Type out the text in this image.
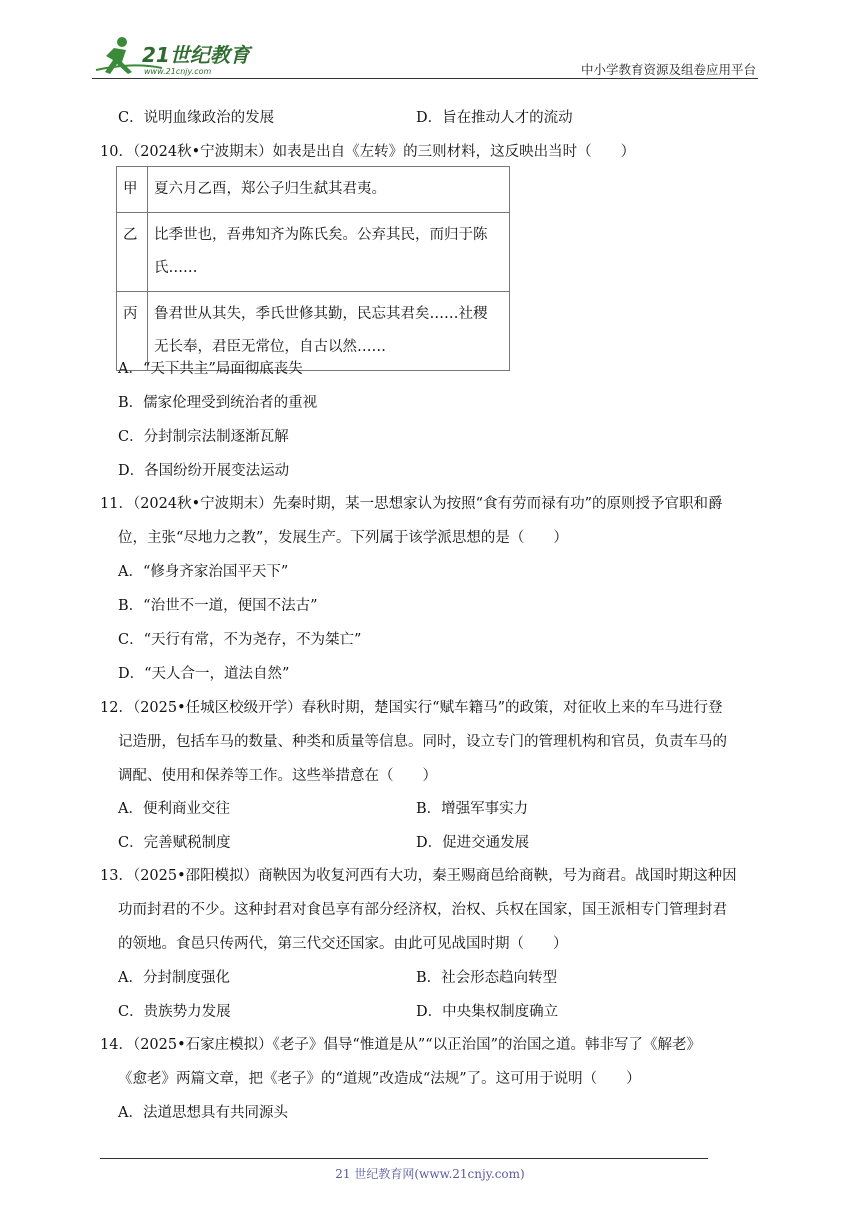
21世纪教育
www.21cnjy.com	中小学教育资源及组卷应用平台
C．说明血缘政治的发展	D．旨在推动人才的流动
10．（2024秋•宁波期末）如表是出自《左转》的三则材料，这反映出当时（　　）
甲	夏六月乙酉，郑公子归生弑其君夷。
乙	比季世也，吾弗知齐为陈氏矣。公弃其民，而归于陈
氏……
丙	鲁君世从其失，季氏世修其勤，民忘其君矣……社稷
无长奉，君臣无常位，自古以然……
A．“天下共主”局面彻底丧失
B．儒家伦理受到统治者的重视
C．分封制宗法制逐渐瓦解
D．各国纷纷开展变法运动
11．（2024秋•宁波期末）先秦时期，某一思想家认为按照“食有劳而禄有功”的原则授予官职和爵
位，主张“尽地力之教”，发展生产。下列属于该学派思想的是（　　）
A．“修身齐家治国平天下”
B．“治世不一道，便国不法古”
C．“天行有常，不为尧存，不为桀亡”
D．“天人合一，道法自然”
12．（2025•任城区校级开学）春秋时期，楚国实行“赋车籍马”的政策，对征收上来的车马进行登
记造册，包括车马的数量、种类和质量等信息。同时，设立专门的管理机构和官员，负责车马的
调配、使用和保养等工作。这些举措意在（　　）
A．便利商业交往	B．增强军事实力
C．完善赋税制度	D．促进交通发展
13．（2025•邵阳模拟）商鞅因为收复河西有大功，秦王赐商邑给商鞅，号为商君。战国时期这种因
功而封君的不少。这种封君对食邑享有部分经济权，治权、兵权在国家，国王派相专门管理封君
的领地。食邑只传两代，第三代交还国家。由此可见战国时期（　　）
A．分封制度强化	B．社会形态趋向转型
C．贵族势力发展	D．中央集权制度确立
14．（2025•石家庄模拟）《老子》倡导“惟道是从”“以正治国”的治国之道。韩非写了《解老》
《愈老》两篇文章，把《老子》的“道规”改造成“法规”了。这可用于说明（　　）
A．法道思想具有共同源头
21 世纪教育网(www.21cnjy.com)
